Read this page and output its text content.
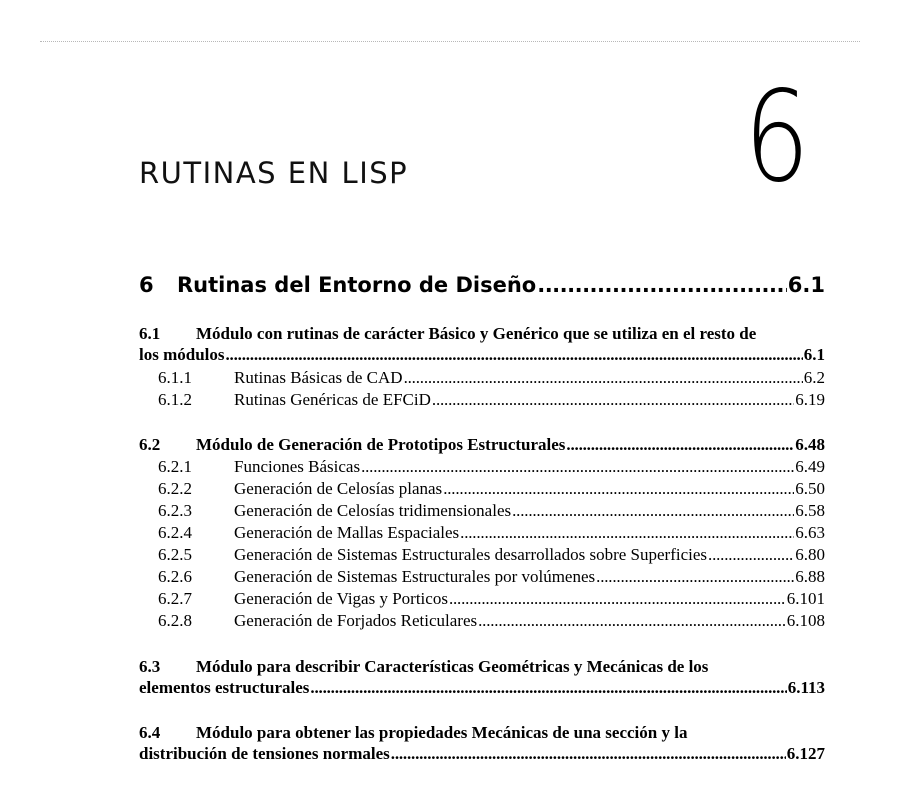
6
RUTINAS EN LISP
6	Rutinas del Entorno de Diseño .....	6.1
6.1 Módulo con rutinas de carácter Básico y Genérico que se utiliza en el resto de
los módulos .....	6.1
6.1.1	Rutinas Básicas de CAD .....	6.2
6.1.2	Rutinas Genéricas de EFCiD .....	6.19
6.2	Módulo de Generación de Prototipos Estructurales .....	6.48
6.2.1	Funciones Básicas .....	6.49
6.2.2	Generación de Celosías planas .....	6.50
6.2.3	Generación de Celosías tridimensionales .....	6.58
6.2.4	Generación de Mallas Espaciales .....	6.63
6.2.5	Generación de Sistemas Estructurales desarrollados sobre Superficies .....	6.80
6.2.6	Generación de Sistemas Estructurales por volúmenes .....	6.88
6.2.7	Generación de Vigas y Porticos .....	6.101
6.2.8	Generación de Forjados Reticulares .....	6.108
6.3 Módulo para describir Características Geométricas y Mecánicas de los
elementos estructurales .....	6.113
6.4 Módulo para obtener las propiedades Mecánicas de una sección y la
distribución de tensiones normales .....	6.127
